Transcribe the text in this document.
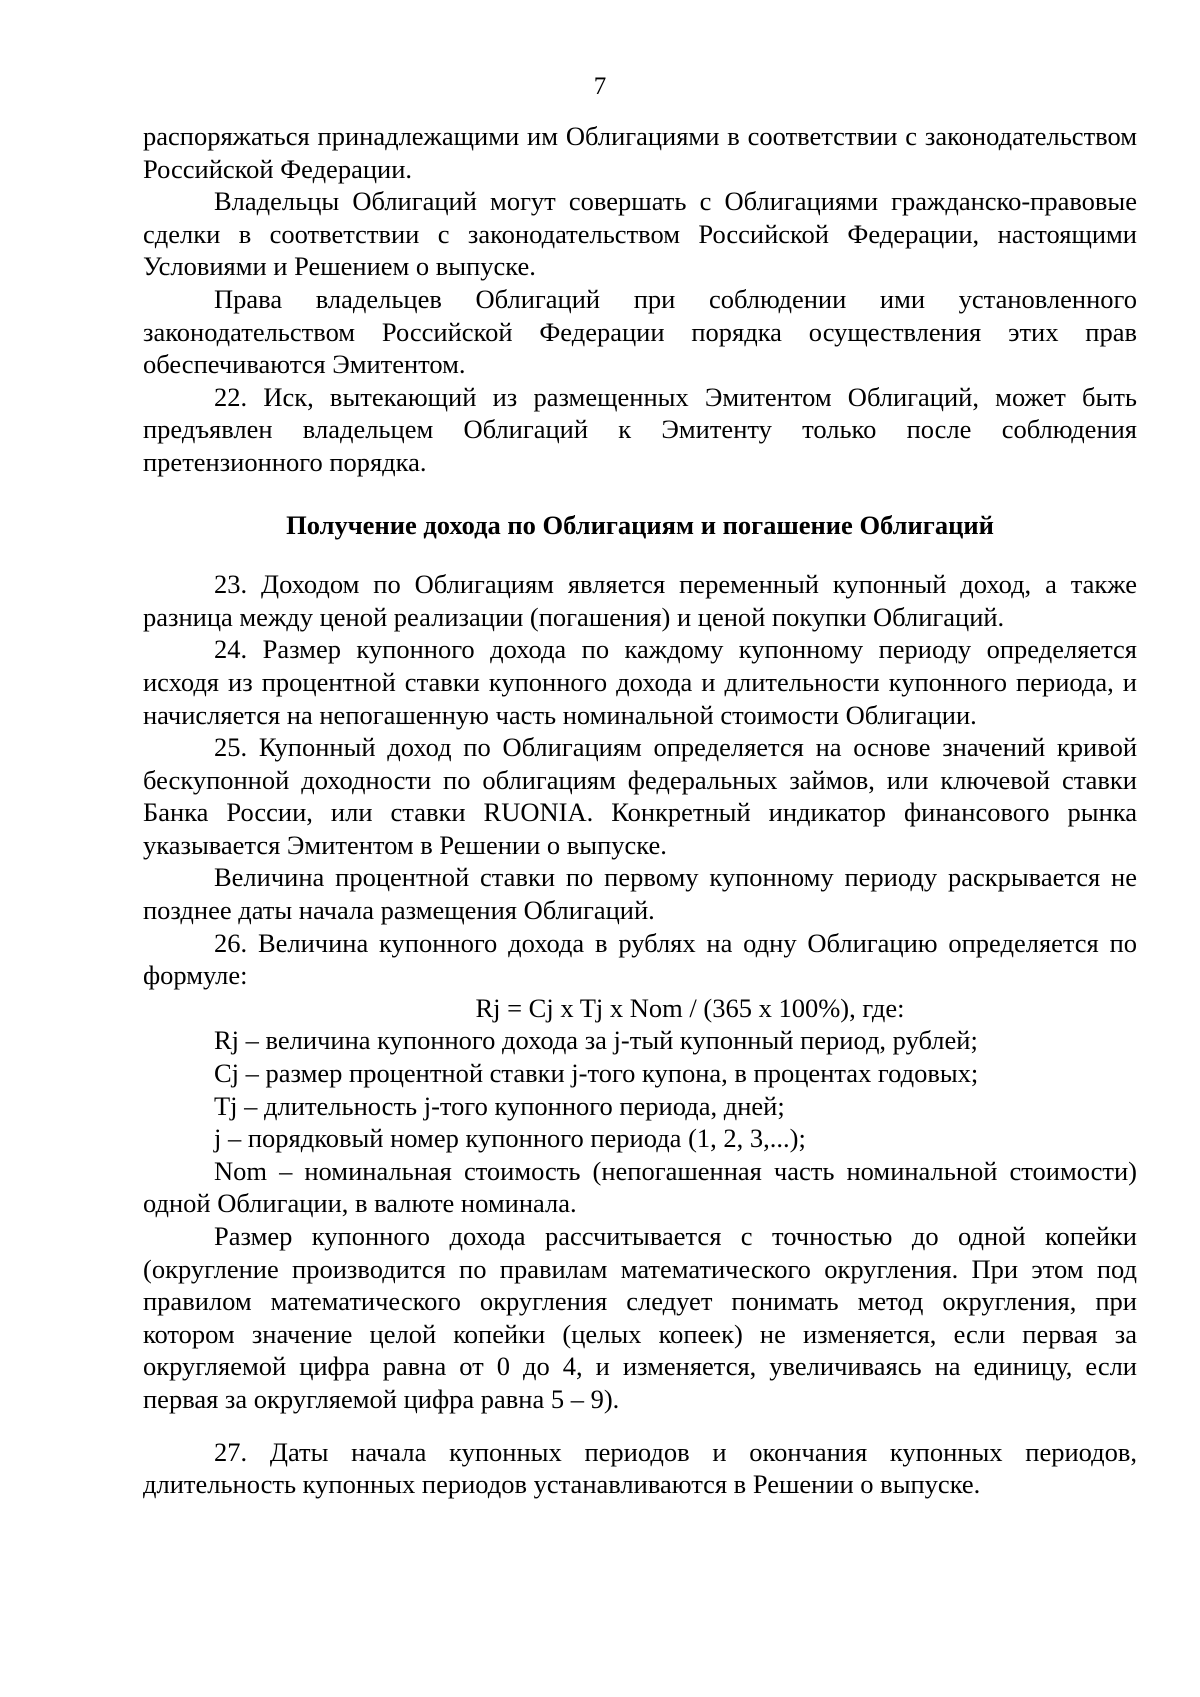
7

распоряжаться принадлежащими им Облигациями в соответствии с законодательством Российской Федерации.

Владельцы Облигаций могут совершать с Облигациями гражданско-правовые сделки в соответствии с законодательством Российской Федерации, настоящими Условиями и Решением о выпуске.

Права владельцев Облигаций при соблюдении ими установленного законодательством Российской Федерации порядка осуществления этих прав обеспечиваются Эмитентом.

22. Иск, вытекающий из размещенных Эмитентом Облигаций, может быть предъявлен владельцем Облигаций к Эмитенту только после соблюдения претензионного порядка.

Получение дохода по Облигациям и погашение Облигаций

23. Доходом по Облигациям является переменный купонный доход, а также разница между ценой реализации (погашения) и ценой покупки Облигаций.

24. Размер купонного дохода по каждому купонному периоду определяется исходя из процентной ставки купонного дохода и длительности купонного периода, и начисляется на непогашенную часть номинальной стоимости Облигации.

25. Купонный доход по Облигациям определяется на основе значений кривой бескупонной доходности по облигациям федеральных займов, или ключевой ставки Банка России, или ставки RUONIA. Конкретный индикатор финансового рынка указывается Эмитентом в Решении о выпуске.

Величина процентной ставки по первому купонному периоду раскрывается не позднее даты начала размещения Облигаций.

26. Величина купонного дохода в рублях на одну Облигацию определяется по формуле:

Rj = Cj x Tj x Nom / (365 x 100%), где:

Rj – величина купонного дохода за j-тый купонный период, рублей;

Cj – размер процентной ставки j-того купона, в процентах годовых;

Tj – длительность j-того купонного периода, дней;

j – порядковый номер купонного периода (1, 2, 3,...);

Nom – номинальная стоимость (непогашенная часть номинальной стоимости) одной Облигации, в валюте номинала.

Размер купонного дохода рассчитывается с точностью до одной копейки (округление производится по правилам математического округления. При этом под правилом математического округления следует понимать метод округления, при котором значение целой копейки (целых копеек) не изменяется, если первая за округляемой цифра равна от 0 до 4, и изменяется, увеличиваясь на единицу, если первая за округляемой цифра равна 5 – 9).

27. Даты начала купонных периодов и окончания купонных периодов, длительность купонных периодов устанавливаются в Решении о выпуске.
